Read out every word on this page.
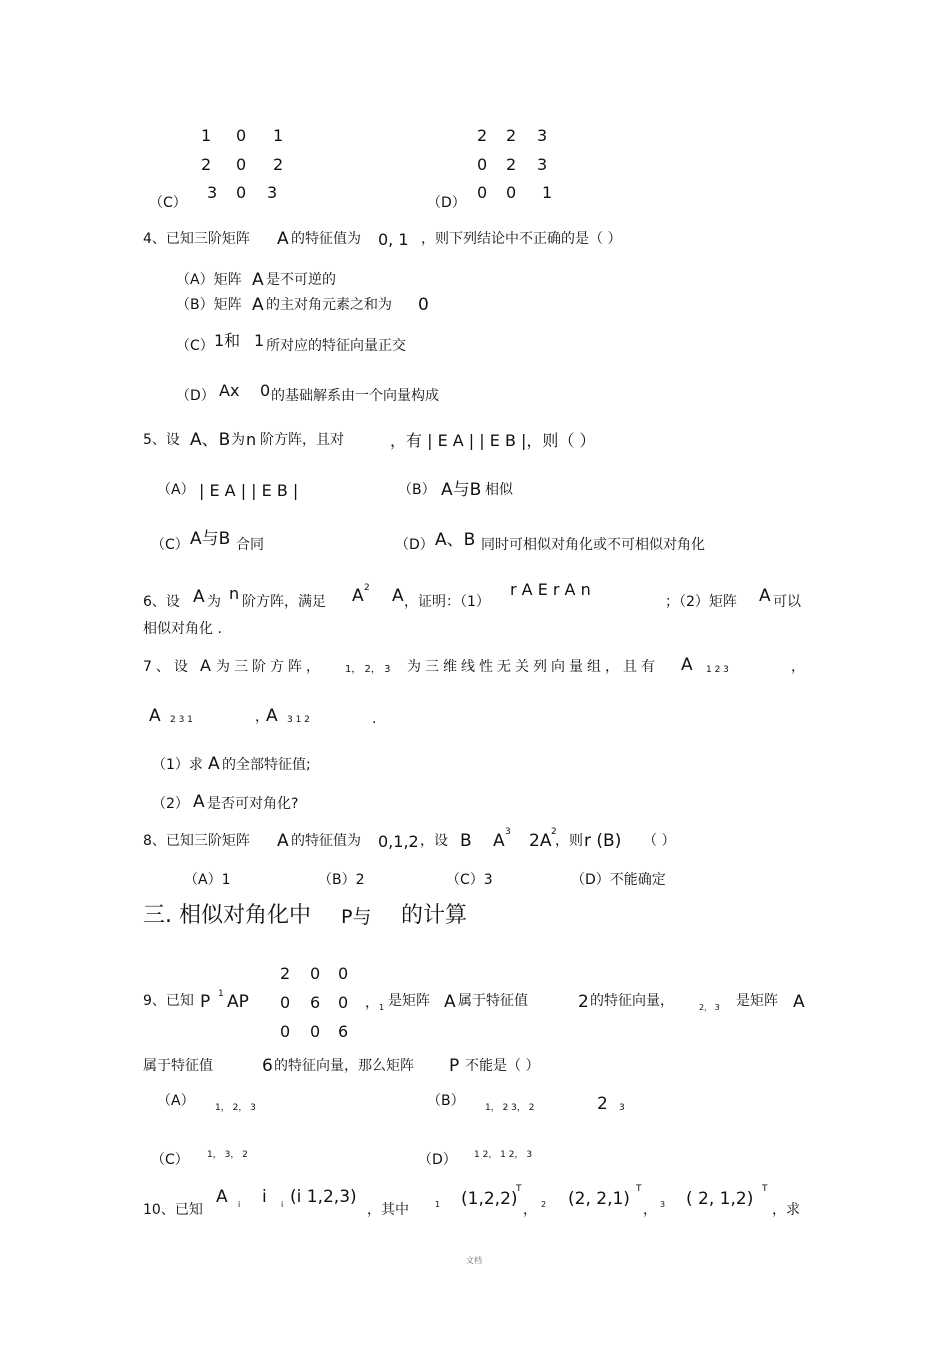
1 0 1
2 0 2
3 0 3
（C）
2 2 3
0 2 3
0 0 1
（D）
4、已知三阶矩阵 A 的特征值为 0, 1 ，则下列结论中不正确的是（ ）
（A）矩阵 A 是不可逆的
（B）矩阵 A 的主对角元素之和为 0
（C） 1和 1 所对应的特征向量正交
（D） Ax 0 的基础解系由一个向量构成
5、设 A、B 为 n 阶方阵，且对	，有 | E A | | E B |，则（ ）
（A） | E A | | E B |	（B） A与B 相似
（C） A与B 合同	（D） A、B 同时可相似对角化或不可相似对角化
6、设 A 为 n 阶方阵，满足 A 2 A ，证明：（1）
r A E r A n
；（2）矩阵 A 可以
相似对角化 .
7、设 A 为三阶方阵， 1， 2， 3 为三维线性无关列向量组，且有 A 1 2 3	，
A 2 3 1	，
A 3 1 2	.
（1）求 A 的全部特征值;
（2） A 是否可对角化?
8、已知三阶矩阵 A 的特征值为 0,1,2 ，设 B A 3 2A 2
，则 r (B) （ ）
（A）1	（B）2	（C）3	（D）不能确定
三. 相似对角化中 P与 的计算
2 0 0
0 6 0
0 0 6
9、已知 P 1 AP	， 1 是矩阵 A 属于特征值	2 的特征向量，	2， 3 是矩阵 A
属于特征值	6 的特征向量，那么矩阵 P 不能是（ ）
（A） 1， 2， 3	（B） 1， 2 3， 2	2 3
（C） 1， 3， 2	（D） 1 2， 1 2， 3
10、已知
A i i i (i 1,2,3)
，其中	1 (1,2,2)
T
， 2 (2, 2,1) T
， 3 ( 2, 1,2) T
，求
文档
